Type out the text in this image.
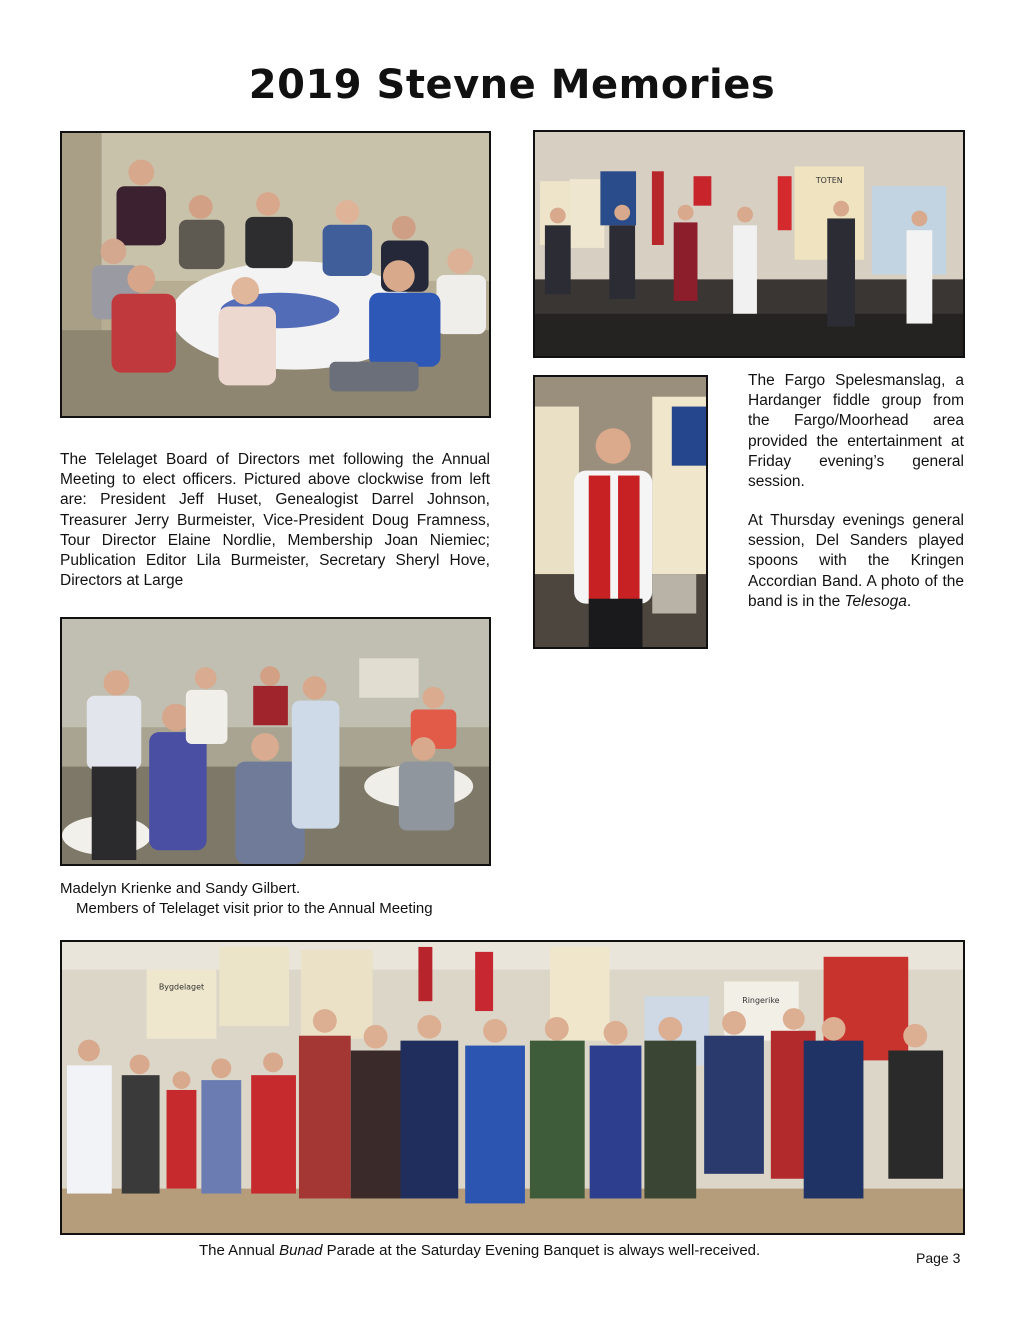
2019 Stevne Memories
TOTEN
The Telelaget Board of Directors met following the Annual Meeting to elect officers. Pictured above clockwise from left are: President Jeff Huset, Genealogist Darrel Johnson, Treasurer Jerry Burmeister, Vice-President Doug Framness, Tour Director Elaine Nordlie, Membership Joan Niemiec; Publication Editor Lila Burmeister, Secretary Sheryl Hove, Directors at Large
The Fargo Spelesmanslag, a Hardanger fiddle group from the Fargo/Moorhead area provided the entertainment at Friday evening’s general session.
At Thursday evenings general session, Del Sanders played spoons with the Kringen Accordian Band. A photo of the band is in the Telesoga.
Madelyn Krienke and Sandy Gilbert.
Members of Telelaget visit prior to the Annual Meeting
Bygdelaget
Ringerike
The Annual Bunad Parade at the Saturday Evening Banquet is always well-received.	Page 3
